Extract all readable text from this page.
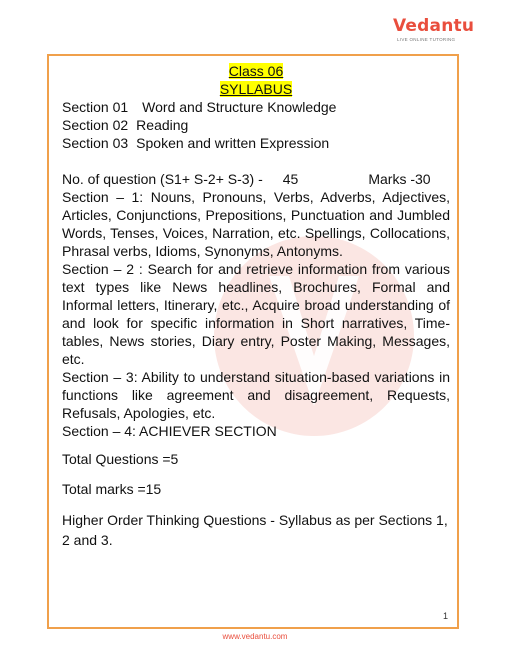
Vedantu
LIVE ONLINE TUTORING
Class 06
SYLLABUS
Section 01 Word and Structure Knowledge
Section 02 Reading
Section 03 Spoken and written Expression
No. of question (S1+ S-2+ S-3) - 45	Marks -30
Section – 1: Nouns, Pronouns, Verbs, Adverbs, Adjectives, Articles, Conjunctions, Prepositions, Punctuation and Jumbled Words, Tenses, Voices, Narration, etc. Spellings, Collocations, Phrasal verbs, Idioms, Synonyms, Antonyms.
Section – 2 : Search for and retrieve information from various text types like News headlines, Brochures, Formal and Informal letters, Itinerary, etc., Acquire broad understanding of and look for specific information in Short narratives, Time-tables, News stories, Diary entry, Poster Making, Messages, etc.
Section – 3: Ability to understand situation-based variations in functions like agreement and disagreement, Requests, Refusals, Apologies, etc.
Section – 4: ACHIEVER SECTION
Total Questions =5
Total marks =15
Higher Order Thinking Questions - Syllabus as per Sections 1, 2 and 3.
1
www.vedantu.com
